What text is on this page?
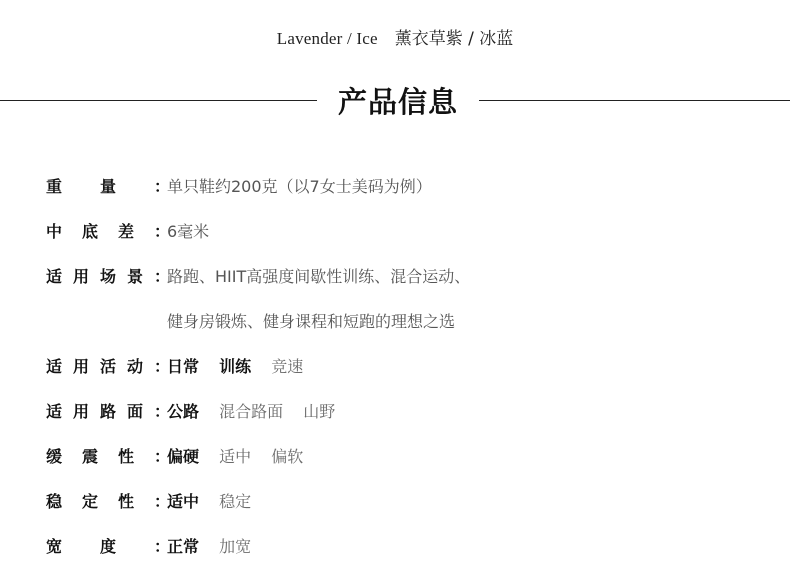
Lavender / Ice 薰衣草紫 / 冰蓝
产品信息
重 量 ：
单只鞋约200克（以7女士美码为例）
中 底 差 ：
6毫米
适 用 场 景 ：
路跑、HIIT高强度间歇性训练、混合运动、
健身房锻炼、健身课程和短跑的理想之选
适 用 活 动 ：
日常 训练 竞速
适 用 路 面 ：
公路 混合路面 山野
缓 震 性 ：
偏硬 适中 偏软
稳 定 性 ：
适中 稳定
宽 度 ：
正常 加宽
